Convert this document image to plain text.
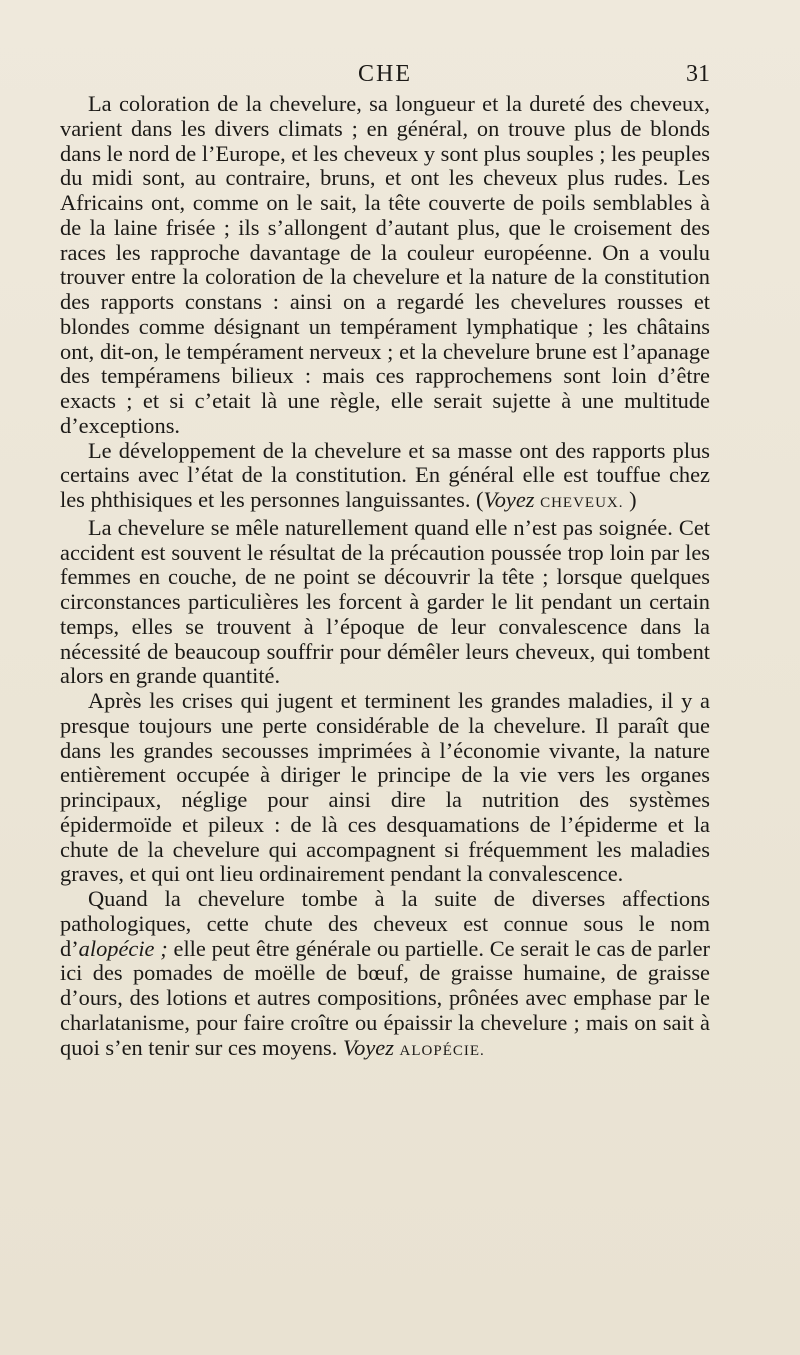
CHE	31

La coloration de la chevelure, sa longueur et la dureté des cheveux, varient dans les divers climats ; en général, on trouve plus de blonds dans le nord de l’Europe, et les cheveux y sont plus souples ; les peuples du midi sont, au contraire, bruns, et ont les cheveux plus rudes. Les Africains ont, comme on le sait, la tête couverte de poils semblables à de la laine frisée ; ils s’allongent d’autant plus, que le croisement des races les rapproche davantage de la couleur européenne. On a voulu trouver entre la coloration de la chevelure et la nature de la constitution des rapports constans : ainsi on a regardé les chevelures rousses et blondes comme désignant un tempérament lymphatique ; les châtains ont, dit-on, le tempérament nerveux ; et la chevelure brune est l’apanage des tempéramens bilieux : mais ces rapprochemens sont loin d’être exacts ; et si c’etait là une règle, elle serait sujette à une multitude d’exceptions.

Le développement de la chevelure et sa masse ont des rapports plus certains avec l’état de la constitution. En général elle est touffue chez les phthisiques et les personnes languissantes. (Voyez CHEVEUX. )

La chevelure se mêle naturellement quand elle n’est pas soignée. Cet accident est souvent le résultat de la précaution poussée trop loin par les femmes en couche, de ne point se découvrir la tête ; lorsque quelques circonstances particulières les forcent à garder le lit pendant un certain temps, elles se trouvent à l’époque de leur convalescence dans la nécessité de beaucoup souffrir pour démêler leurs cheveux, qui tombent alors en grande quantité.

Après les crises qui jugent et terminent les grandes maladies, il y a presque toujours une perte considérable de la chevelure. Il paraît que dans les grandes secousses imprimées à l’économie vivante, la nature entièrement occupée à diriger le principe de la vie vers les organes principaux, néglige pour ainsi dire la nutrition des systèmes épidermoïde et pileux : de là ces desquamations de l’épiderme et la chute de la chevelure qui accompagnent si fréquemment les maladies graves, et qui ont lieu ordinairement pendant la convalescence.

Quand la chevelure tombe à la suite de diverses affections pathologiques, cette chute des cheveux est connue sous le nom d’alopécie ; elle peut être générale ou partielle. Ce serait le cas de parler ici des pomades de moëlle de bœuf, de graisse humaine, de graisse d’ours, des lotions et autres compositions, prônées avec emphase par le charlatanisme, pour faire croître ou épaissir la chevelure ; mais on sait à quoi s’en tenir sur ces moyens. Voyez ALOPÉCIE.
